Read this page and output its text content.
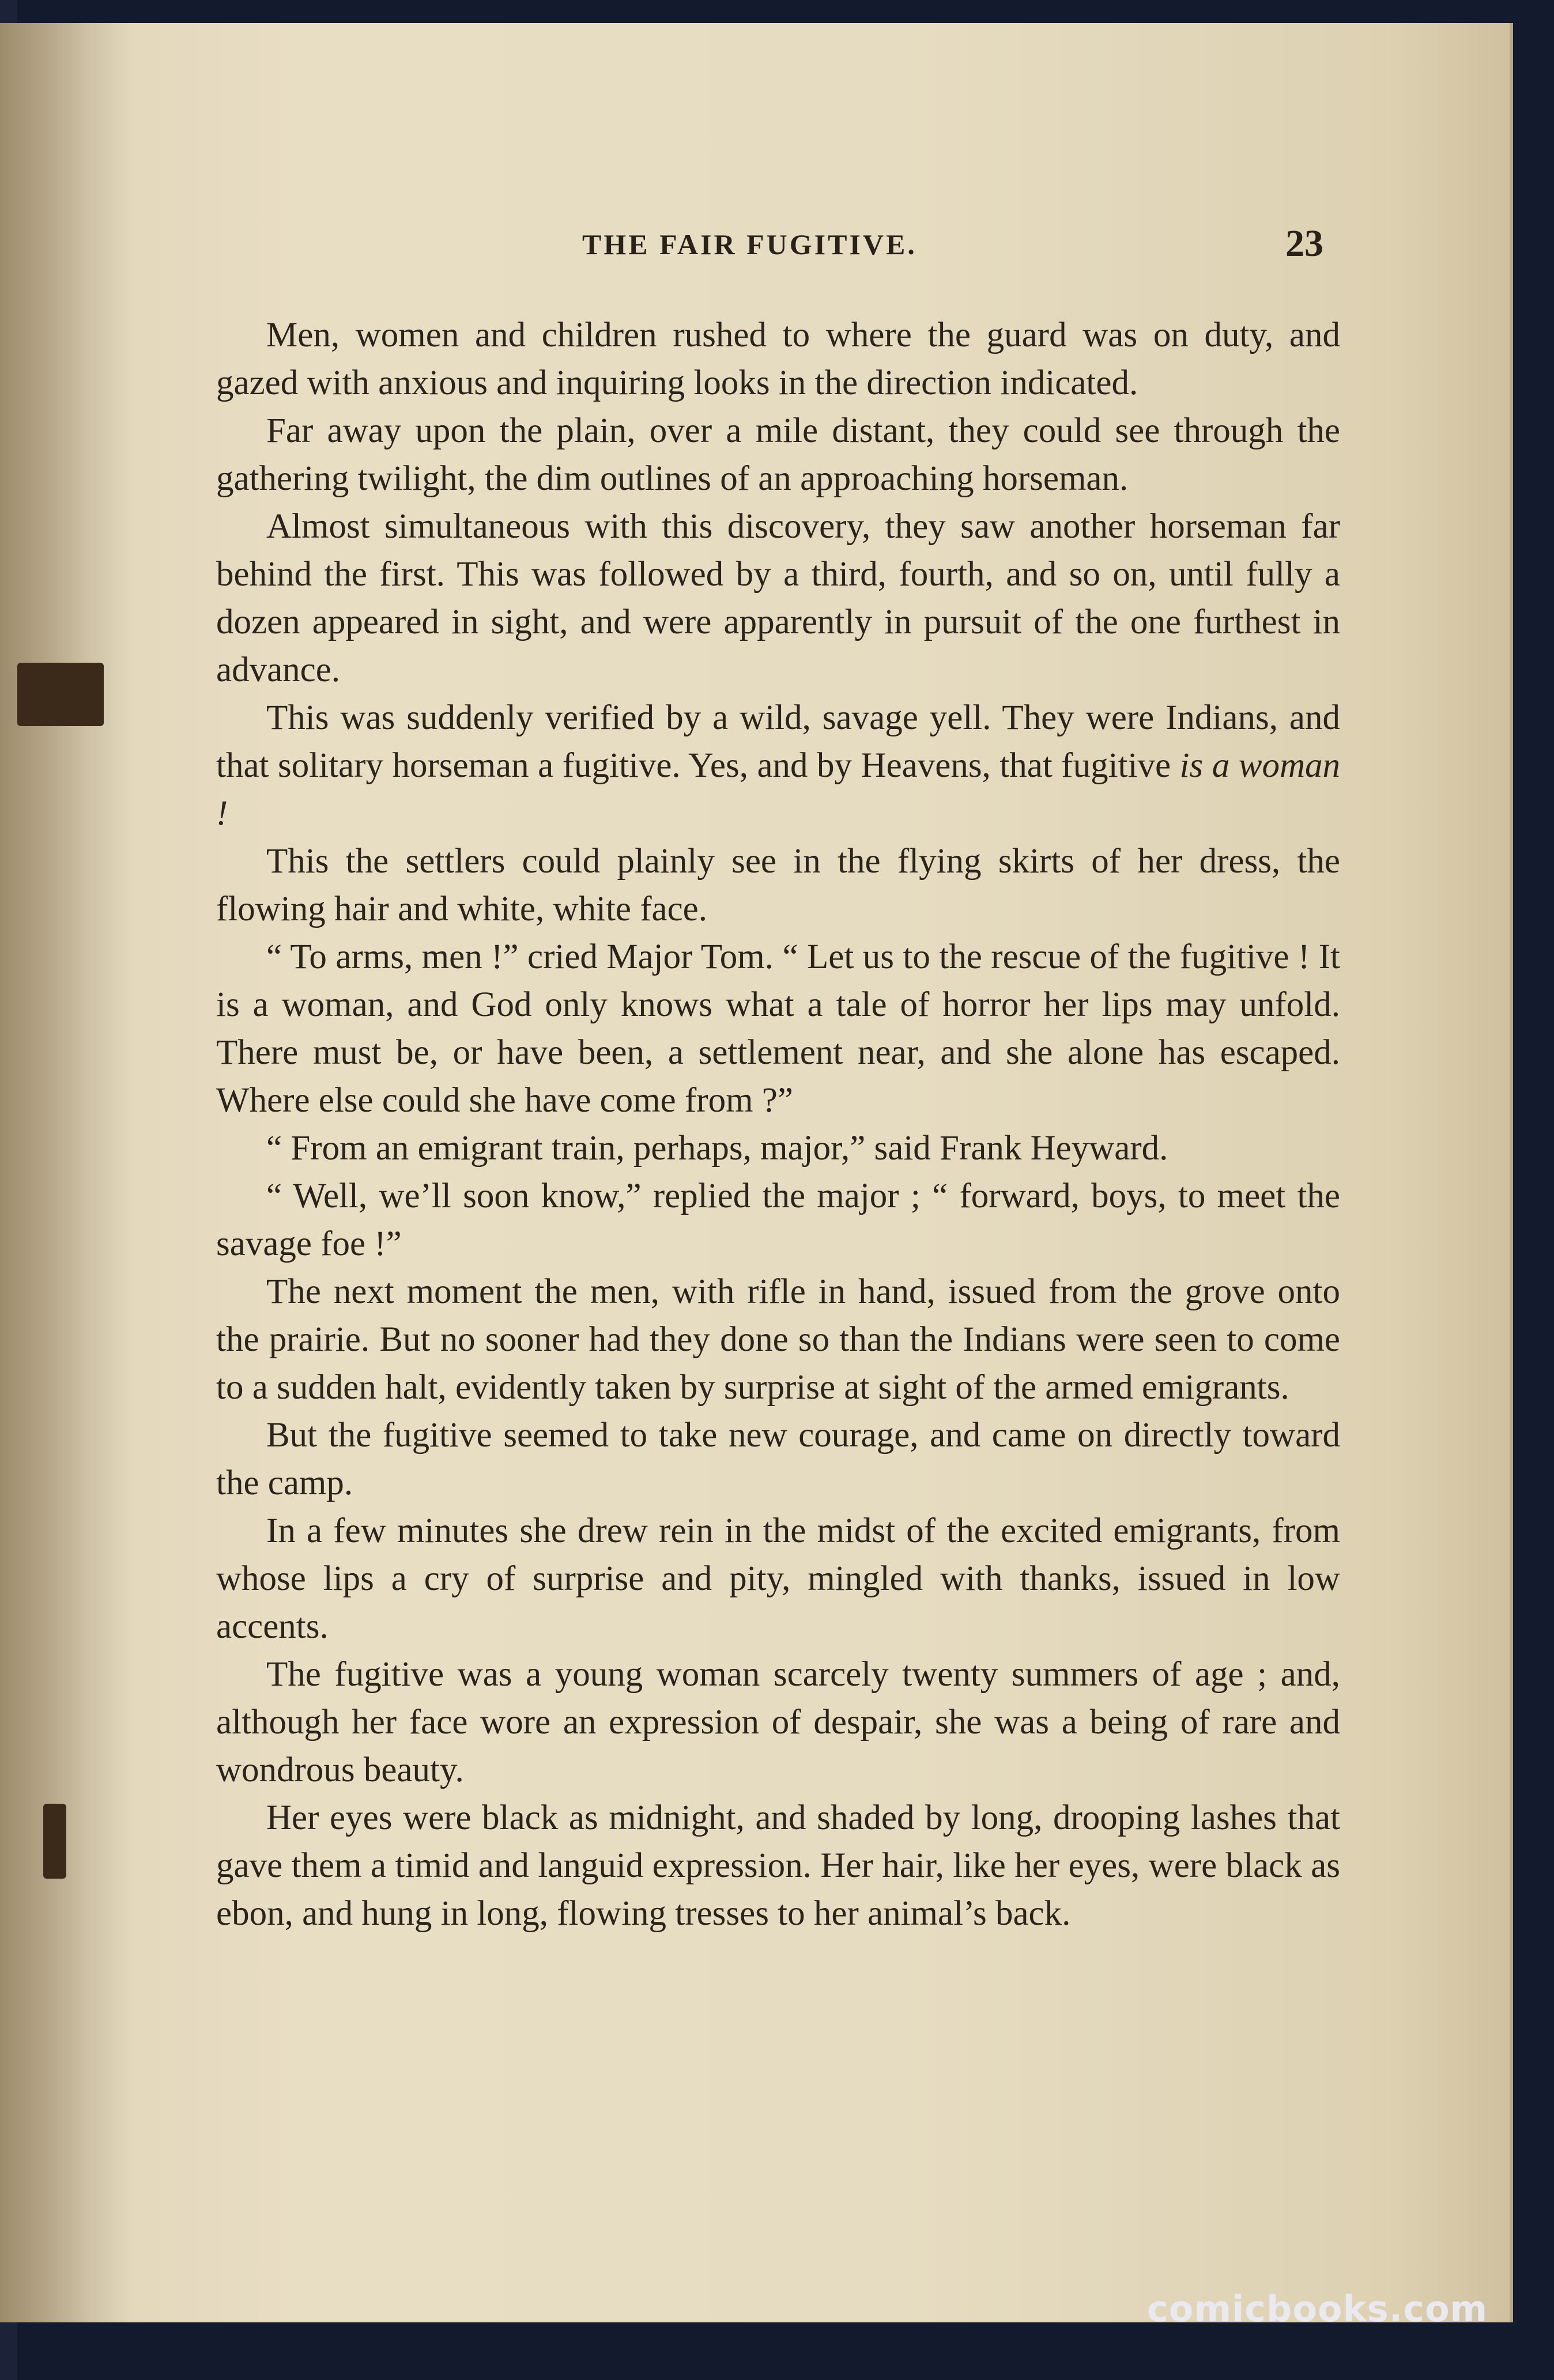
THE FAIR FUGITIVE.	23

Men, women and children rushed to where the guard was on duty, and gazed with anxious and inquiring looks in the direction indicated.

Far away upon the plain, over a mile distant, they could see through the gathering twilight, the dim outlines of an approaching horseman.

Almost simultaneous with this discovery, they saw another horseman far behind the first. This was followed by a third, fourth, and so on, until fully a dozen appeared in sight, and were apparently in pursuit of the one furthest in advance.

This was suddenly verified by a wild, savage yell. They were Indians, and that solitary horseman a fugitive. Yes, and by Heavens, that fugitive is a woman !

This the settlers could plainly see in the flying skirts of her dress, the flowing hair and white, white face.

“ To arms, men !” cried Major Tom. “ Let us to the rescue of the fugitive ! It is a woman, and God only knows what a tale of horror her lips may unfold. There must be, or have been, a settlement near, and she alone has escaped. Where else could she have come from ?”

“ From an emigrant train, perhaps, major,” said Frank Heyward.

“ Well, we’ll soon know,” replied the major ; “ forward, boys, to meet the savage foe !”

The next moment the men, with rifle in hand, issued from the grove onto the prairie. But no sooner had they done so than the Indians were seen to come to a sudden halt, evidently taken by surprise at sight of the armed emigrants.

But the fugitive seemed to take new courage, and came on directly toward the camp.

In a few minutes she drew rein in the midst of the excited emigrants, from whose lips a cry of surprise and pity, mingled with thanks, issued in low accents.

The fugitive was a young woman scarcely twenty summers of age ; and, although her face wore an expression of despair, she was a being of rare and wondrous beauty.

Her eyes were black as midnight, and shaded by long, drooping lashes that gave them a timid and languid expression. Her hair, like her eyes, were black as ebon, and hung in long, flowing tresses to her animal’s back.

comicbooks.com
